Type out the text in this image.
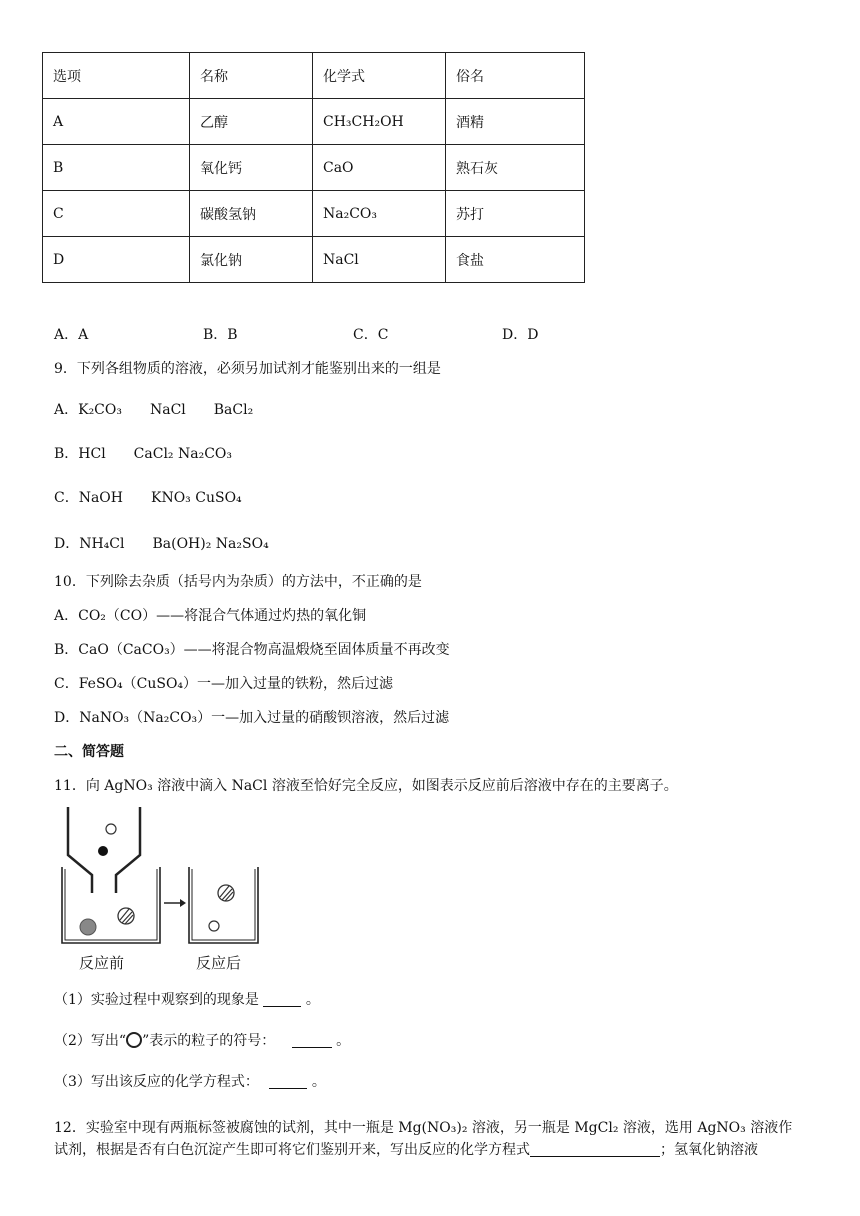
选项	名称	化学式	俗名
A	乙醇	CH₃CH₂OH	酒精
B	氧化钙	CaO	熟石灰
C	碳酸氢钠	Na₂CO₃	苏打
D	氯化钠	NaCl	食盐
A．A	B．B	C．C	D．D
9．下列各组物质的溶液，必须另加试剂才能鉴别出来的一组是
A．K₂CO₃　　NaCl　　BaCl₂
B．HCl　　CaCl₂ Na₂CO₃
C．NaOH　　KNO₃ CuSO₄
D．NH₄Cl　　Ba(OH)₂ Na₂SO₄
10．下列除去杂质（括号内为杂质）的方法中，不正确的是
A．CO₂（CO）——将混合气体通过灼热的氧化铜
B．CaO（CaCO₃）——将混合物高温煅烧至固体质量不再改变
C．FeSO₄（CuSO₄）一—加入过量的铁粉，然后过滤
D．NaNO₃（Na₂CO₃）一—加入过量的硝酸钡溶液，然后过滤
二、简答题
11．向 AgNO₃ 溶液中滴入 NaCl 溶液至恰好完全反应，如图表示反应前后溶液中存在的主要离子。
反应前	反应后
（1）实验过程中观察到的现象是	。
（2）写出“ ”表示的粒子的符号：	。
（3）写出该反应的化学方程式：	。
12．实验室中现有两瓶标签被腐蚀的试剂，其中一瓶是 Mg(NO₃)₂ 溶液，另一瓶是 MgCl₂ 溶液，选用 AgNO₃ 溶液作
试剂，根据是否有白色沉淀产生即可将它们鉴别开来，写出反应的化学方程式	；氢氧化钠溶液
